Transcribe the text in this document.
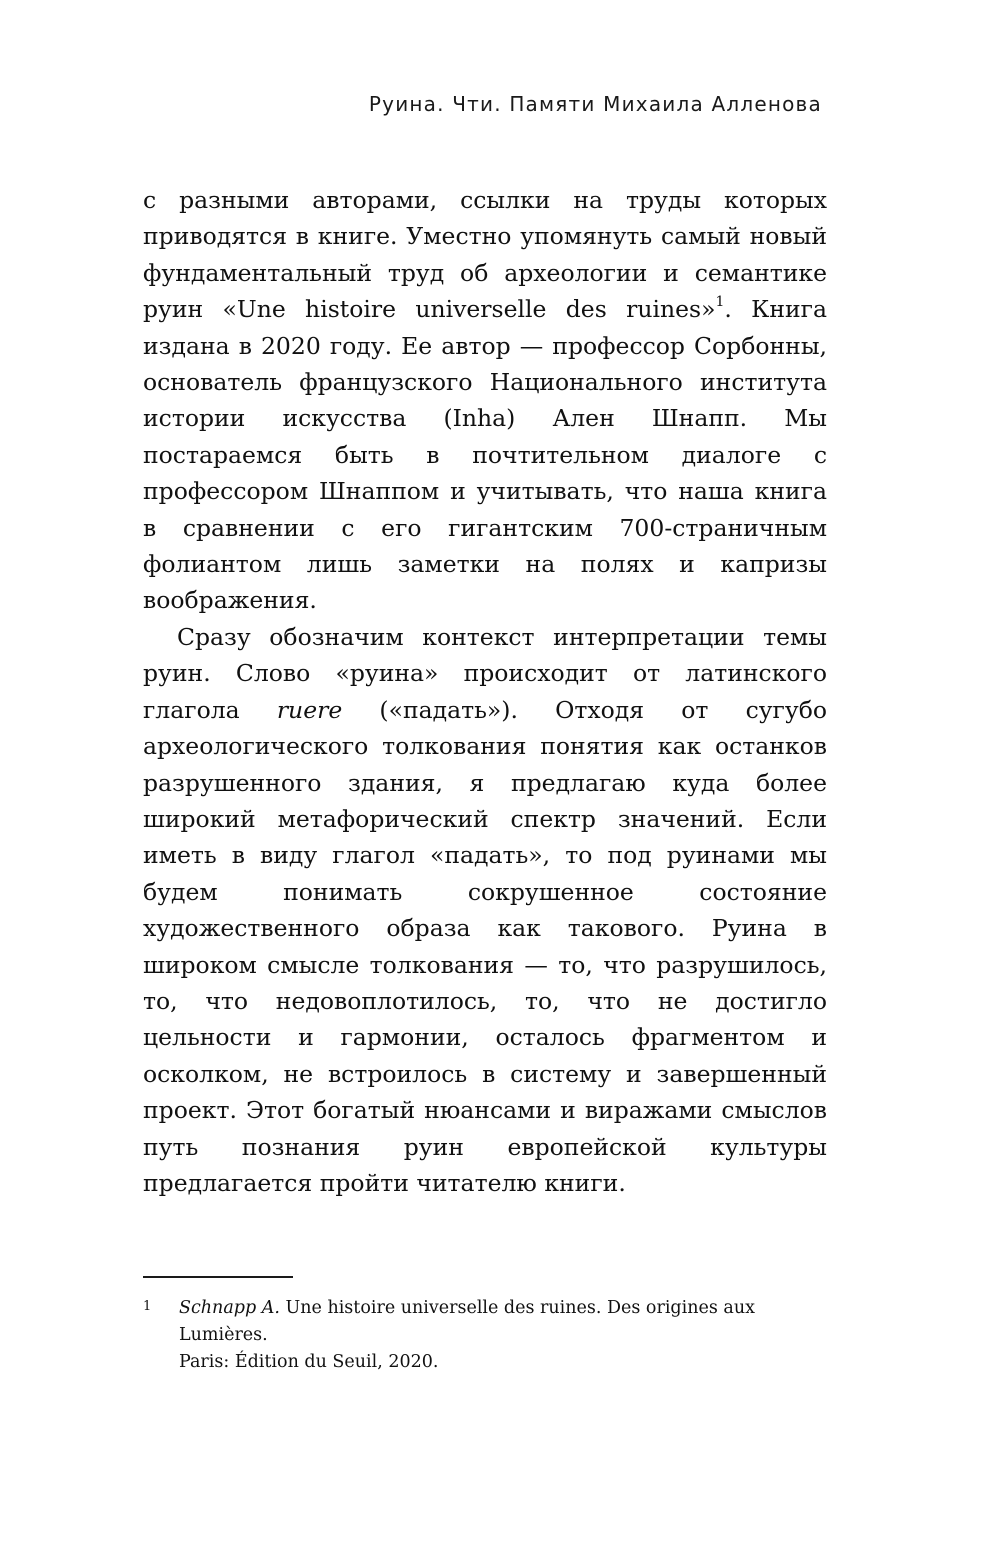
Руина. Чти. Памяти Михаила Алленова

с разными авторами, ссылки на труды которых приводятся в книге. Уместно упомянуть самый новый фундаментальный труд об археологии и семантике руин «Une histoire universelle des ruines»$^1$. Книга издана в 2020 году. Ее автор — профессор Сорбонны, основатель французского Национального института истории искусства (Inha) Ален Шнапп. Мы постараемся быть в почтительном диалоге с профессором Шнаппом и учитывать, что наша книга в сравнении с его гигантским 700-страничным фолиантом лишь заметки на полях и капризы воображения.

Сразу обозначим контекст интерпретации темы руин. Слово «руина» происходит от латинского глагола ruere («падать»). Отходя от сугубо археологического толкования понятия как останков разрушенного здания, я предлагаю куда более широкий метафорический спектр значений. Если иметь в виду глагол «падать», то под руинами мы будем понимать сокрушенное состояние художественного образа как такового. Руина в широком смысле толкования — то, что разрушилось, то, что недовоплотилось, то, что не достигло цельности и гармонии, осталось фрагментом и осколком, не встроилось в систему и завершенный проект. Этот богатый нюансами и виражами смыслов путь познания руин европейской культуры предлагается пройти читателю книги.

1 Schnapp A. Une histoire universelle des ruines. Des origines aux Lumières.
Paris: Édition du Seuil, 2020.
